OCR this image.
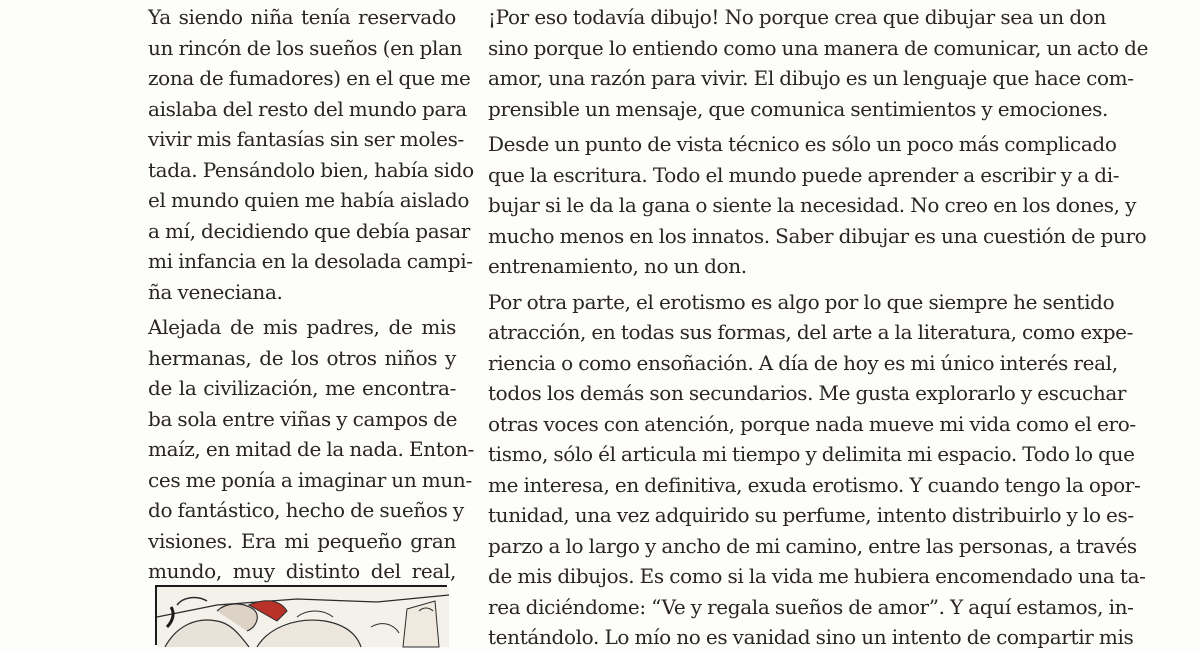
Ya siendo niña tenía reservado
un rincón de los sueños (en plan
zona de fumadores) en el que me
aislaba del resto del mundo para
vivir mis fantasías sin ser moles-
tada. Pensándolo bien, había sido
el mundo quien me había aislado
a mí, decidiendo que debía pasar
mi infancia en la desolada campi-
ña veneciana.
Alejada de mis padres, de mis
hermanas, de los otros niños y
de la civilización, me encontra-
ba sola entre viñas y campos de
maíz, en mitad de la nada. Enton-
ces me ponía a imaginar un mun-
do fantástico, hecho de sueños y
visiones. Era mi pequeño gran
mundo, muy distinto del real,
¡Por eso todavía dibujo! No porque crea que dibujar sea un don
sino porque lo entiendo como una manera de comunicar, un acto de
amor, una razón para vivir. El dibujo es un lenguaje que hace com-
prensible un mensaje, que comunica sentimientos y emociones.
Desde un punto de vista técnico es sólo un poco más complicado
que la escritura. Todo el mundo puede aprender a escribir y a di-
bujar si le da la gana o siente la necesidad. No creo en los dones, y
mucho menos en los innatos. Saber dibujar es una cuestión de puro
entrenamiento, no un don.
Por otra parte, el erotismo es algo por lo que siempre he sentido
atracción, en todas sus formas, del arte a la literatura, como expe-
riencia o como ensoñación. A día de hoy es mi único interés real,
todos los demás son secundarios. Me gusta explorarlo y escuchar
otras voces con atención, porque nada mueve mi vida como el ero-
tismo, sólo él articula mi tiempo y delimita mi espacio. Todo lo que
me interesa, en definitiva, exuda erotismo. Y cuando tengo la opor-
tunidad, una vez adquirido su perfume, intento distribuirlo y lo es-
parzo a lo largo y ancho de mi camino, entre las personas, a través
de mis dibujos. Es como si la vida me hubiera encomendado una ta-
rea diciéndome: “Ve y regala sueños de amor”. Y aquí estamos, in-
tentándolo. Lo mío no es vanidad sino un intento de compartir mis
